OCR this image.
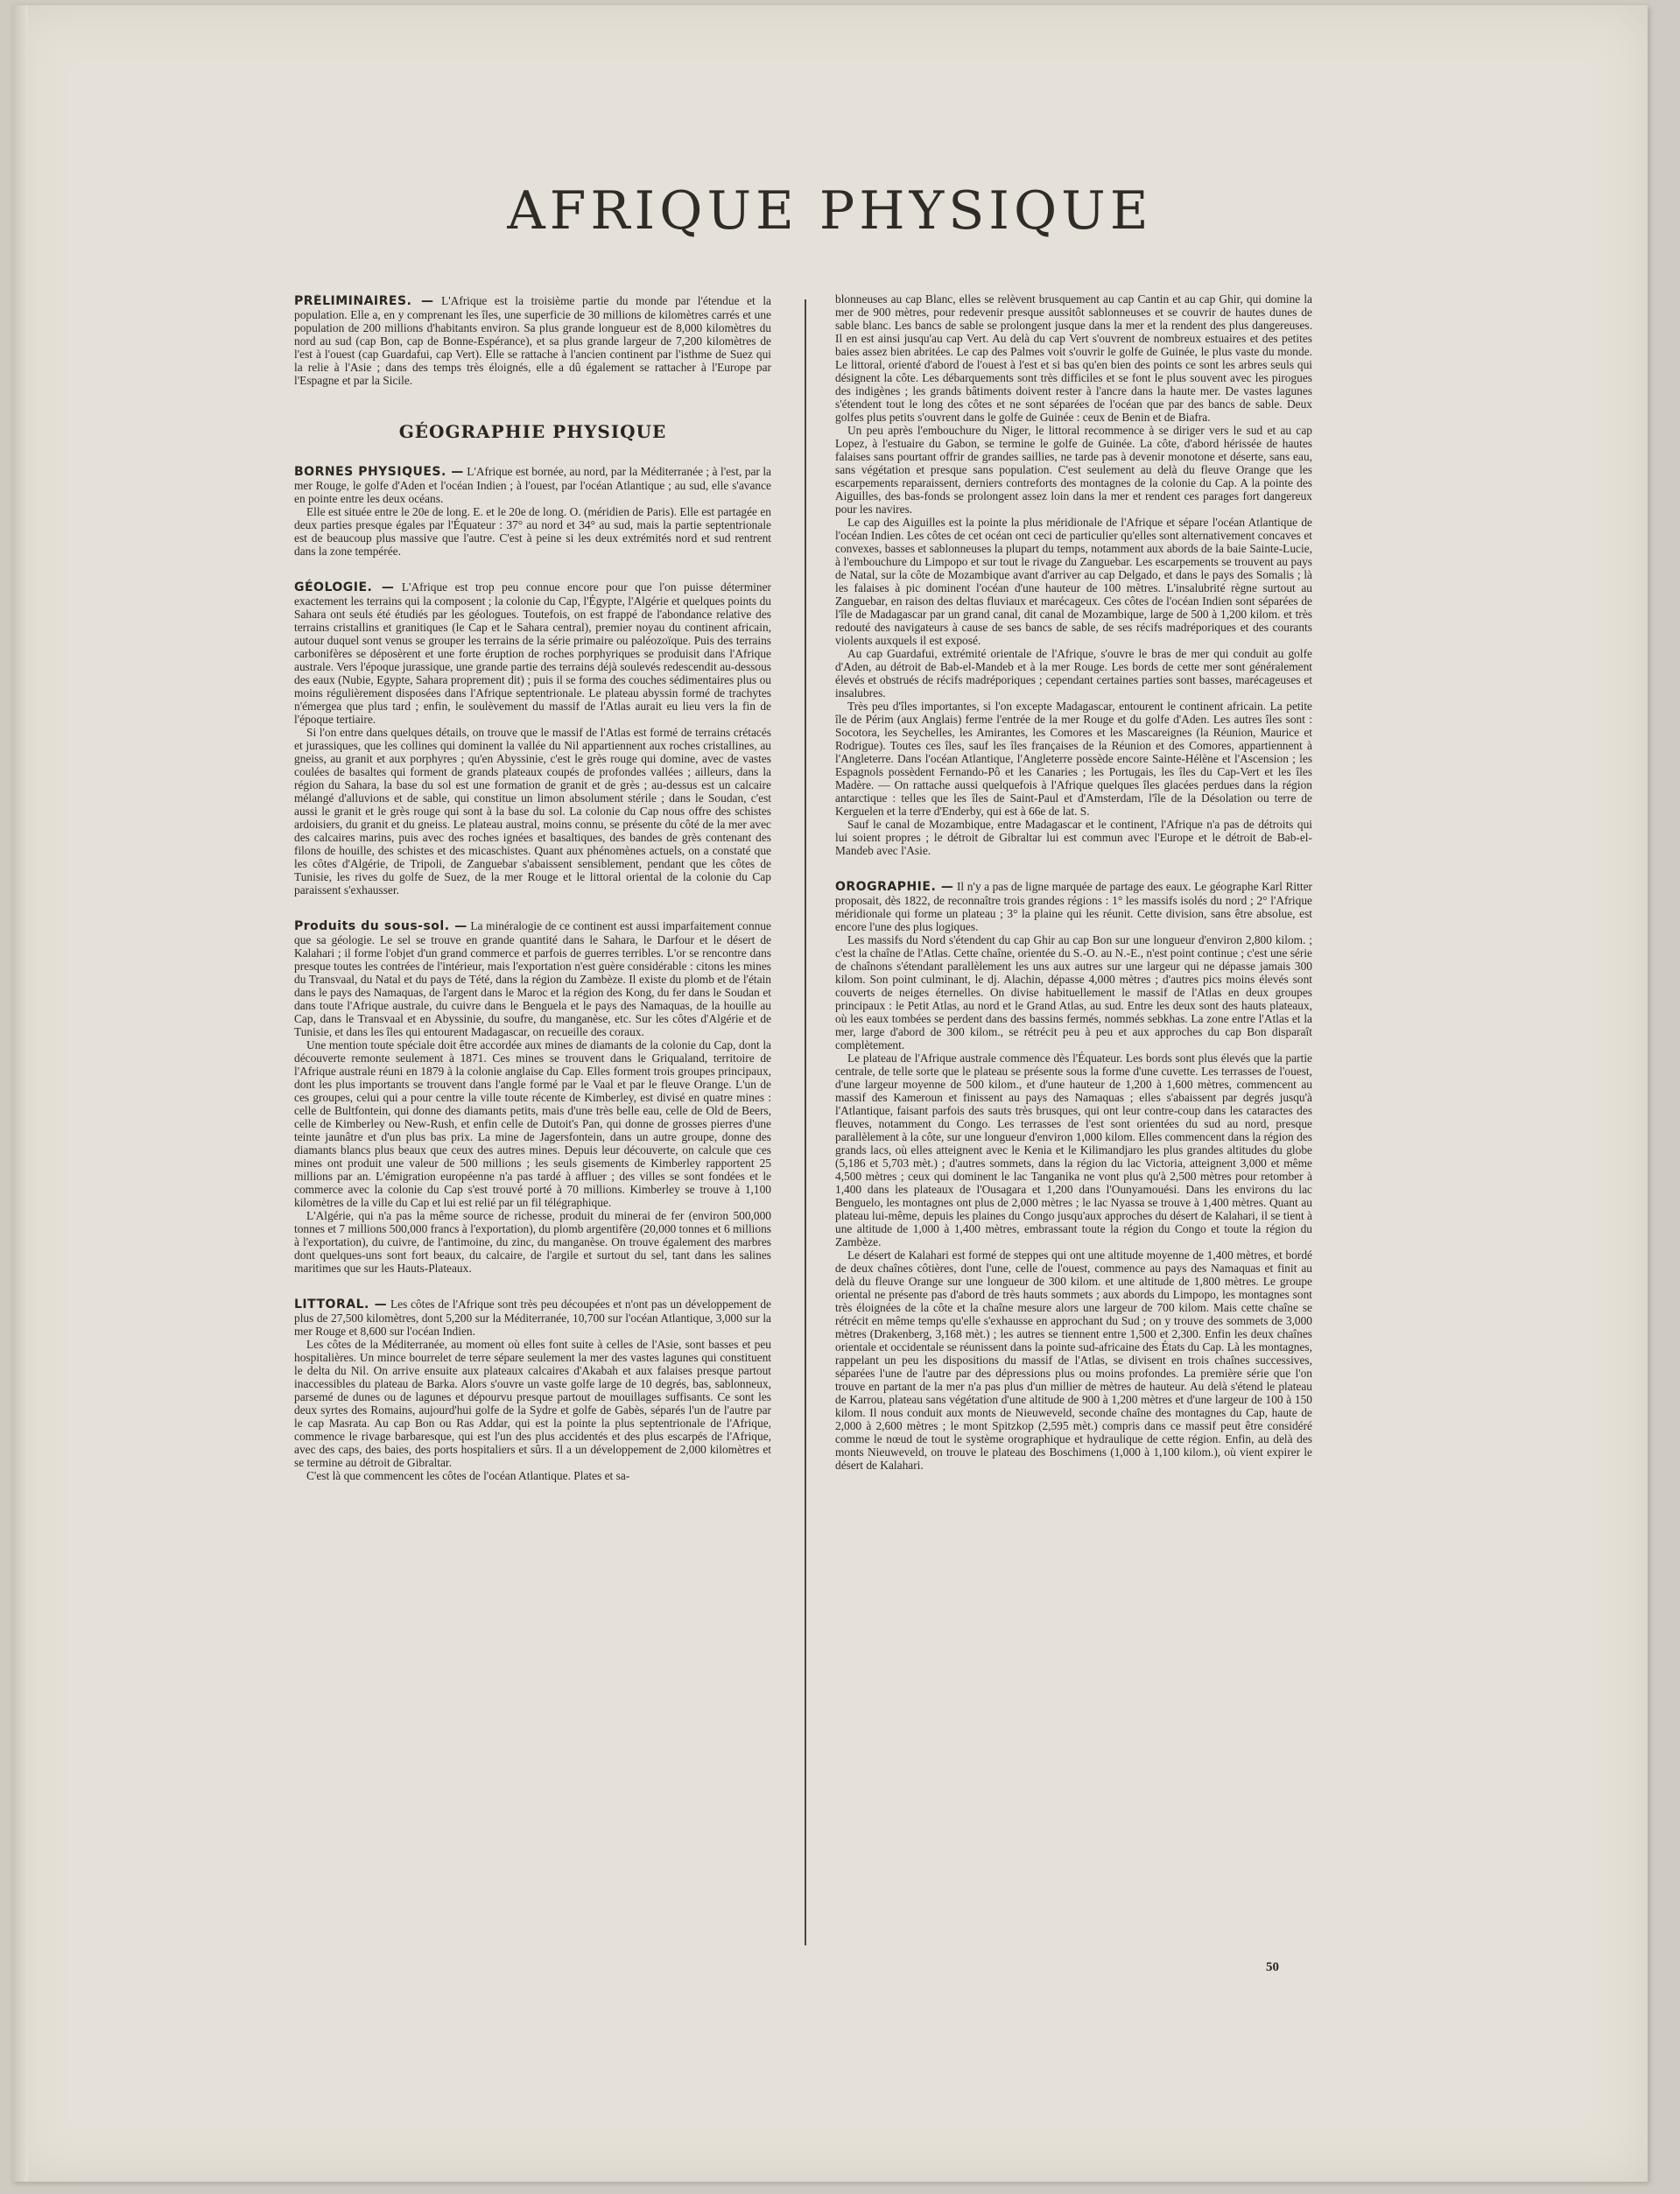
AFRIQUE PHYSIQUE

PRÉLIMINAIRES. — L'Afrique est la troisième partie du monde par l'étendue et la population. Elle a, en y comprenant les îles, une superficie de 30 millions de kilomètres carrés et une population de 200 millions d'habitants environ. Sa plus grande longueur est de 8,000 kilomètres du nord au sud (cap Bon, cap de Bonne-Espérance), et sa plus grande largeur de 7,200 kilomètres de l'est à l'ouest (cap Guardafui, cap Vert). Elle se rattache à l'ancien continent par l'isthme de Suez qui la relie à l'Asie ; dans des temps très éloignés, elle a dû également se rattacher à l'Europe par l'Espagne et par la Sicile.

GÉOGRAPHIE PHYSIQUE

BORNES PHYSIQUES. — L'Afrique est bornée, au nord, par la Méditerranée ; à l'est, par la mer Rouge, le golfe d'Aden et l'océan Indien ; à l'ouest, par l'océan Atlantique ; au sud, elle s'avance en pointe entre les deux océans.

Elle est située entre le 20e de long. E. et le 20e de long. O. (méridien de Paris). Elle est partagée en deux parties presque égales par l'Équateur : 37° au nord et 34° au sud, mais la partie septentrionale est de beaucoup plus massive que l'autre. C'est à peine si les deux extrémités nord et sud rentrent dans la zone tempérée.

GÉOLOGIE. — L'Afrique est trop peu connue encore pour que l'on puisse déterminer exactement les terrains qui la composent ; la colonie du Cap, l'Égypte, l'Algérie et quelques points du Sahara ont seuls été étudiés par les géologues. Toutefois, on est frappé de l'abondance relative des terrains cristallins et granitiques (le Cap et le Sahara central), premier noyau du continent africain, autour duquel sont venus se grouper les terrains de la série primaire ou paléozoïque. Puis des terrains carbonifères se déposèrent et une forte éruption de roches porphyriques se produisit dans l'Afrique australe. Vers l'époque jurassique, une grande partie des terrains déjà soulevés redescendit au-dessous des eaux (Nubie, Egypte, Sahara proprement dit) ; puis il se forma des couches sédimentaires plus ou moins régulièrement disposées dans l'Afrique septentrionale. Le plateau abyssin formé de trachytes n'émergea que plus tard ; enfin, le soulèvement du massif de l'Atlas aurait eu lieu vers la fin de l'époque tertiaire.

Si l'on entre dans quelques détails, on trouve que le massif de l'Atlas est formé de terrains crétacés et jurassiques, que les collines qui dominent la vallée du Nil appartiennent aux roches cristallines, au gneiss, au granit et aux porphyres ; qu'en Abyssinie, c'est le grès rouge qui domine, avec de vastes coulées de basaltes qui forment de grands plateaux coupés de profondes vallées ; ailleurs, dans la région du Sahara, la base du sol est une formation de granit et de grès ; au-dessus est un calcaire mélangé d'alluvions et de sable, qui constitue un limon absolument stérile ; dans le Soudan, c'est aussi le granit et le grès rouge qui sont à la base du sol. La colonie du Cap nous offre des schistes ardoisiers, du granit et du gneiss. Le plateau austral, moins connu, se présente du côté de la mer avec des calcaires marins, puis avec des roches ignées et basaltiques, des bandes de grès contenant des filons de houille, des schistes et des micaschistes. Quant aux phénomènes actuels, on a constaté que les côtes d'Algérie, de Tripoli, de Zanguebar s'abaissent sensiblement, pendant que les côtes de Tunisie, les rives du golfe de Suez, de la mer Rouge et le littoral oriental de la colonie du Cap paraissent s'exhausser.

Produits du sous-sol. — La minéralogie de ce continent est aussi imparfaitement connue que sa géologie. Le sel se trouve en grande quantité dans le Sahara, le Darfour et le désert de Kalahari ; il forme l'objet d'un grand commerce et parfois de guerres terribles. L'or se rencontre dans presque toutes les contrées de l'intérieur, mais l'exportation n'est guère considérable : citons les mines du Transvaal, du Natal et du pays de Tété, dans la région du Zambèze. Il existe du plomb et de l'étain dans le pays des Namaquas, de l'argent dans le Maroc et la région des Kong, du fer dans le Soudan et dans toute l'Afrique australe, du cuivre dans le Benguela et le pays des Namaquas, de la houille au Cap, dans le Transvaal et en Abyssinie, du soufre, du manganèse, etc. Sur les côtes d'Algérie et de Tunisie, et dans les îles qui entourent Madagascar, on recueille des coraux.

Une mention toute spéciale doit être accordée aux mines de diamants de la colonie du Cap, dont la découverte remonte seulement à 1871. Ces mines se trouvent dans le Griqualand, territoire de l'Afrique australe réuni en 1879 à la colonie anglaise du Cap. Elles forment trois groupes principaux, dont les plus importants se trouvent dans l'angle formé par le Vaal et par le fleuve Orange. L'un de ces groupes, celui qui a pour centre la ville toute récente de Kimberley, est divisé en quatre mines : celle de Bultfontein, qui donne des diamants petits, mais d'une très belle eau, celle de Old de Beers, celle de Kimberley ou New-Rush, et enfin celle de Dutoit's Pan, qui donne de grosses pierres d'une teinte jaunâtre et d'un plus bas prix. La mine de Jagersfontein, dans un autre groupe, donne des diamants blancs plus beaux que ceux des autres mines. Depuis leur découverte, on calcule que ces mines ont produit une valeur de 500 millions ; les seuls gisements de Kimberley rapportent 25 millions par an. L'émigration européenne n'a pas tardé à affluer ; des villes se sont fondées et le commerce avec la colonie du Cap s'est trouvé porté à 70 millions. Kimberley se trouve à 1,100 kilomètres de la ville du Cap et lui est relié par un fil télégraphique.

L'Algérie, qui n'a pas la même source de richesse, produit du minerai de fer (environ 500,000 tonnes et 7 millions 500,000 francs à l'exportation), du plomb argentifère (20,000 tonnes et 6 millions à l'exportation), du cuivre, de l'antimoine, du zinc, du manganèse. On trouve également des marbres dont quelques-uns sont fort beaux, du calcaire, de l'argile et surtout du sel, tant dans les salines maritimes que sur les Hauts-Plateaux.

LITTORAL. — Les côtes de l'Afrique sont très peu découpées et n'ont pas un développement de plus de 27,500 kilomètres, dont 5,200 sur la Méditerranée, 10,700 sur l'océan Atlantique, 3,000 sur la mer Rouge et 8,600 sur l'océan Indien.

Les côtes de la Méditerranée, au moment où elles font suite à celles de l'Asie, sont basses et peu hospitalières. Un mince bourrelet de terre sépare seulement la mer des vastes lagunes qui constituent le delta du Nil. On arrive ensuite aux plateaux calcaires d'Akabah et aux falaises presque partout inaccessibles du plateau de Barka. Alors s'ouvre un vaste golfe large de 10 degrés, bas, sablonneux, parsemé de dunes ou de lagunes et dépourvu presque partout de mouillages suffisants. Ce sont les deux syrtes des Romains, aujourd'hui golfe de la Sydre et golfe de Gabès, séparés l'un de l'autre par le cap Masrata. Au cap Bon ou Ras Addar, qui est la pointe la plus septentrionale de l'Afrique, commence le rivage barbaresque, qui est l'un des plus accidentés et des plus escarpés de l'Afrique, avec des caps, des baies, des ports hospitaliers et sûrs. Il a un développement de 2,000 kilomètres et se termine au détroit de Gibraltar.

C'est là que commencent les côtes de l'océan Atlantique. Plates et sa-

blonneuses au cap Blanc, elles se relèvent brusquement au cap Cantin et au cap Ghir, qui domine la mer de 900 mètres, pour redevenir presque aussitôt sablonneuses et se couvrir de hautes dunes de sable blanc. Les bancs de sable se prolongent jusque dans la mer et la rendent des plus dangereuses. Il en est ainsi jusqu'au cap Vert. Au delà du cap Vert s'ouvrent de nombreux estuaires et des petites baies assez bien abritées. Le cap des Palmes voit s'ouvrir le golfe de Guinée, le plus vaste du monde. Le littoral, orienté d'abord de l'ouest à l'est et si bas qu'en bien des points ce sont les arbres seuls qui désignent la côte. Les débarquements sont très difficiles et se font le plus souvent avec les pirogues des indigènes ; les grands bâtiments doivent rester à l'ancre dans la haute mer. De vastes lagunes s'étendent tout le long des côtes et ne sont séparées de l'océan que par des bancs de sable. Deux golfes plus petits s'ouvrent dans le golfe de Guinée : ceux de Benin et de Biafra.

Un peu après l'embouchure du Niger, le littoral recommence à se diriger vers le sud et au cap Lopez, à l'estuaire du Gabon, se termine le golfe de Guinée. La côte, d'abord hérissée de hautes falaises sans pourtant offrir de grandes saillies, ne tarde pas à devenir monotone et déserte, sans eau, sans végétation et presque sans population. C'est seulement au delà du fleuve Orange que les escarpements reparaissent, derniers contreforts des montagnes de la colonie du Cap. A la pointe des Aiguilles, des bas-fonds se prolongent assez loin dans la mer et rendent ces parages fort dangereux pour les navires.

Le cap des Aiguilles est la pointe la plus méridionale de l'Afrique et sépare l'océan Atlantique de l'océan Indien. Les côtes de cet océan ont ceci de particulier qu'elles sont alternativement concaves et convexes, basses et sablonneuses la plupart du temps, notamment aux abords de la baie Sainte-Lucie, à l'embouchure du Limpopo et sur tout le rivage du Zanguebar. Les escarpements se trouvent au pays de Natal, sur la côte de Mozambique avant d'arriver au cap Delgado, et dans le pays des Somalis ; là les falaises à pic dominent l'océan d'une hauteur de 100 mètres. L'insalubrité règne surtout au Zanguebar, en raison des deltas fluviaux et marécageux. Ces côtes de l'océan Indien sont séparées de l'île de Madagascar par un grand canal, dit canal de Mozambique, large de 500 à 1,200 kilom. et très redouté des navigateurs à cause de ses bancs de sable, de ses récifs madréporiques et des courants violents auxquels il est exposé.

Au cap Guardafui, extrémité orientale de l'Afrique, s'ouvre le bras de mer qui conduit au golfe d'Aden, au détroit de Bab-el-Mandeb et à la mer Rouge. Les bords de cette mer sont généralement élevés et obstrués de récifs madréporiques ; cependant certaines parties sont basses, marécageuses et insalubres.

Très peu d'îles importantes, si l'on excepte Madagascar, entourent le continent africain. La petite île de Périm (aux Anglais) ferme l'entrée de la mer Rouge et du golfe d'Aden. Les autres îles sont : Socotora, les Seychelles, les Amirantes, les Comores et les Mascareignes (la Réunion, Maurice et Rodrigue). Toutes ces îles, sauf les îles françaises de la Réunion et des Comores, appartiennent à l'Angleterre. Dans l'océan Atlantique, l'Angleterre possède encore Sainte-Hélène et l'Ascension ; les Espagnols possèdent Fernando-Pô et les Canaries ; les Portugais, les îles du Cap-Vert et les îles Madère. — On rattache aussi quelquefois à l'Afrique quelques îles glacées perdues dans la région antarctique : telles que les îles de Saint-Paul et d'Amsterdam, l'île de la Désolation ou terre de Kerguelen et la terre d'Enderby, qui est à 66e de lat. S.

Sauf le canal de Mozambique, entre Madagascar et le continent, l'Afrique n'a pas de détroits qui lui soient propres ; le détroit de Gibraltar lui est commun avec l'Europe et le détroit de Bab-el-Mandeb avec l'Asie.

OROGRAPHIE. — Il n'y a pas de ligne marquée de partage des eaux. Le géographe Karl Ritter proposait, dès 1822, de reconnaître trois grandes régions : 1° les massifs isolés du nord ; 2° l'Afrique méridionale qui forme un plateau ; 3° la plaine qui les réunit. Cette division, sans être absolue, est encore l'une des plus logiques.

Les massifs du Nord s'étendent du cap Ghir au cap Bon sur une longueur d'environ 2,800 kilom. ; c'est la chaîne de l'Atlas. Cette chaîne, orientée du S.-O. au N.-E., n'est point continue ; c'est une série de chaînons s'étendant parallèlement les uns aux autres sur une largeur qui ne dépasse jamais 300 kilom. Son point culminant, le dj. Alachin, dépasse 4,000 mètres ; d'autres pics moins élevés sont couverts de neiges éternelles. On divise habituellement le massif de l'Atlas en deux groupes principaux : le Petit Atlas, au nord et le Grand Atlas, au sud. Entre les deux sont des hauts plateaux, où les eaux tombées se perdent dans des bassins fermés, nommés sebkhas. La zone entre l'Atlas et la mer, large d'abord de 300 kilom., se rétrécit peu à peu et aux approches du cap Bon disparaît complètement.

Le plateau de l'Afrique australe commence dès l'Équateur. Les bords sont plus élevés que la partie centrale, de telle sorte que le plateau se présente sous la forme d'une cuvette. Les terrasses de l'ouest, d'une largeur moyenne de 500 kilom., et d'une hauteur de 1,200 à 1,600 mètres, commencent au massif des Kameroun et finissent au pays des Namaquas ; elles s'abaissent par degrés jusqu'à l'Atlantique, faisant parfois des sauts très brusques, qui ont leur contre-coup dans les cataractes des fleuves, notamment du Congo. Les terrasses de l'est sont orientées du sud au nord, presque parallèlement à la côte, sur une longueur d'environ 1,000 kilom. Elles commencent dans la région des grands lacs, où elles atteignent avec le Kenia et le Kilimandjaro les plus grandes altitudes du globe (5,186 et 5,703 mèt.) ; d'autres sommets, dans la région du lac Victoria, atteignent 3,000 et même 4,500 mètres ; ceux qui dominent le lac Tanganika ne vont plus qu'à 2,500 mètres pour retomber à 1,400 dans les plateaux de l'Ousagara et 1,200 dans l'Ounyamouési. Dans les environs du lac Benguelo, les montagnes ont plus de 2,000 mètres ; le lac Nyassa se trouve à 1,400 mètres. Quant au plateau lui-même, depuis les plaines du Congo jusqu'aux approches du désert de Kalahari, il se tient à une altitude de 1,000 à 1,400 mètres, embrassant toute la région du Congo et toute la région du Zambèze.

Le désert de Kalahari est formé de steppes qui ont une altitude moyenne de 1,400 mètres, et bordé de deux chaînes côtières, dont l'une, celle de l'ouest, commence au pays des Namaquas et finit au delà du fleuve Orange sur une longueur de 300 kilom. et une altitude de 1,800 mètres. Le groupe oriental ne présente pas d'abord de très hauts sommets ; aux abords du Limpopo, les montagnes sont très éloignées de la côte et la chaîne mesure alors une largeur de 700 kilom. Mais cette chaîne se rétrécit en même temps qu'elle s'exhausse en approchant du Sud ; on y trouve des sommets de 3,000 mètres (Drakenberg, 3,168 mèt.) ; les autres se tiennent entre 1,500 et 2,300. Enfin les deux chaînes orientale et occidentale se réunissent dans la pointe sud-africaine des États du Cap. Là les montagnes, rappelant un peu les dispositions du massif de l'Atlas, se divisent en trois chaînes successives, séparées l'une de l'autre par des dépressions plus ou moins profondes. La première série que l'on trouve en partant de la mer n'a pas plus d'un millier de mètres de hauteur. Au delà s'étend le plateau de Karrou, plateau sans végétation d'une altitude de 900 à 1,200 mètres et d'une largeur de 100 à 150 kilom. Il nous conduit aux monts de Nieuweveld, seconde chaîne des montagnes du Cap, haute de 2,000 à 2,600 mètres ; le mont Spitzkop (2,595 mèt.) compris dans ce massif peut être considéré comme le nœud de tout le système orographique et hydraulique de cette région. Enfin, au delà des monts Nieuweveld, on trouve le plateau des Boschimens (1,000 à 1,100 kilom.), où vient expirer le désert de Kalahari.

50
